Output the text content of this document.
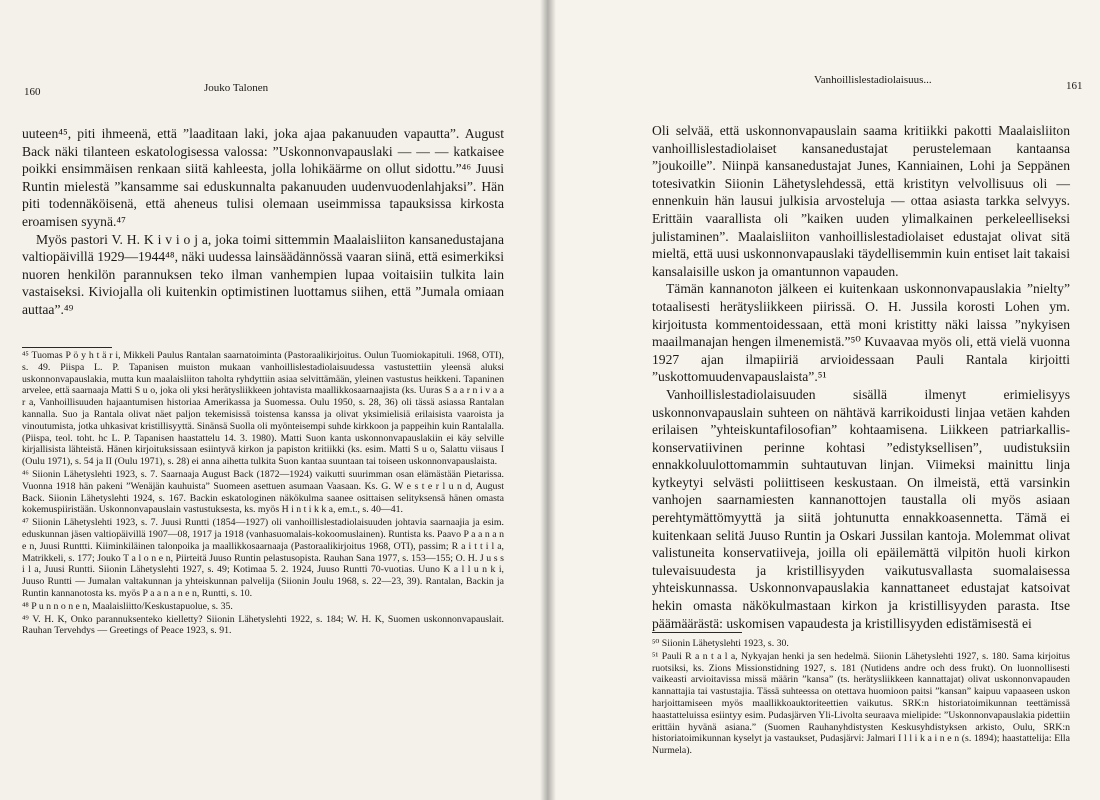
160	Jouko Talonen

uuteen⁴⁵, piti ihmeenä, että ”laaditaan laki, joka ajaa pakanuuden vapautta”. August Back näki tilanteen eskatologisessa valossa: ”Uskonnonvapauslaki — — — katkaisee poikki ensimmäisen renkaan siitä kahleesta, jolla lohikäärme on ollut sidottu.”⁴⁶ Juusi Runtin mielestä ”kansamme sai eduskunnalta pakanuuden uudenvuodenlahjaksi”. Hän piti todennäköisenä, että aheneus tulisi olemaan useimmissa tapauksissa kirkosta eroamisen syynä.⁴⁷

Myös pastori V. H. K i v i o j a, joka toimi sittemmin Maalaisliiton kansanedustajana valtiopäivillä 1929—1944⁴⁸, näki uudessa lainsäädännössä vaaran siinä, että esimerkiksi nuoren henkilön parannuksen teko ilman vanhempien lupaa voitaisiin tulkita lain vastaiseksi. Kiviojalla oli kuitenkin optimistinen luottamus siihen, että ”Jumala omiaan auttaa”.⁴⁹

⁴⁵ Tuomas P ö y h t ä r i, Mikkeli Paulus Rantalan saarnatoiminta (Pastoraalikirjoitus. Oulun Tuomiokapituli. 1968, OTI), s. 49. Piispa L. P. Tapanisen muiston mukaan vanhoillislestadiolaisuudessa vastustettiin yleensä aluksi uskonnonvapauslakia, mutta kun maalaisliiton taholta ryhdyttiin asiaa selvittämään, yleinen vastustus heikkeni. Tapaninen arvelee, että saarnaaja Matti S u o, joka oli yksi herätysliikkeen johtavista maallikkosaarnaajista (ks. Uuras S a a r n i v a a r a, Vanhoillisuuden hajaantumisen historiaa Amerikassa ja Suomessa. Oulu 1950, s. 28, 36) oli tässä asiassa Rantalan kannalla. Suo ja Rantala olivat näet paljon tekemisissä toistensa kanssa ja olivat yksimielisiä erilaisista vaaroista ja vinoutumista, jotka uhkasivat kristillisyyttä. Sinänsä Suolla oli myönteisempi suhde kirkkoon ja pappeihin kuin Rantalalla. (Piispa, teol. toht. hc L. P. Tapanisen haastattelu 14. 3. 1980). Matti Suon kanta uskonnonvapauslakiin ei käy selville kirjallisista lähteistä. Hänen kirjoituksissaan esiintyvä kirkon ja papiston kritiikki (ks. esim. Matti S u o, Salattu viisaus I (Oulu 1971), s. 54 ja II (Oulu 1971), s. 28) ei anna aihetta tulkita Suon kantaa suuntaan tai toiseen uskonnonvapauslaista.

⁴⁶ Siionin Lähetyslehti 1923, s. 7. Saarnaaja August Back (1872—1924) vaikutti suurimman osan elämästään Pietarissa. Vuonna 1918 hän pakeni ”Wenäjän kauhuista” Suomeen asettuen asumaan Vaasaan. Ks. G. W e s t e r l u n d, August Back. Siionin Lähetyslehti 1924, s. 167. Backin eskatologinen näkökulma saanee osittaisen selityksensä hänen omasta kokemuspiiristään. Uskonnonvapauslain vastustuksesta, ks. myös H i n t i k k a, em.t., s. 40—41.

⁴⁷ Siionin Lähetyslehti 1923, s. 7. Juusi Runtti (1854—1927) oli vanhoillislestadiolaisuuden johtavia saarnaajia ja esim. eduskunnan jäsen valtiopäivillä 1907—08, 1917 ja 1918 (vanhasuomalais-kokoomuslainen). Runtista ks. Paavo P a a n a n e n, Juusi Runttti. Kiiminkiläinen talonpoika ja maallikkosaarnaaja (Pastoraalikirjoitus 1968, OTI), passim; R a i t t i l a, Matrikkeli, s. 177; Jouko T a l o n e n, Piirteitä Juuso Runtin pelastusopista. Rauhan Sana 1977, s. 153—155; O. H. J u s s i l a, Juusi Runtti. Siionin Lähetyslehti 1927, s. 49; Kotimaa 5. 2. 1924, Juuso Runtti 70-vuotias. Uuno K a l l u n k i, Juuso Runtti — Jumalan valtakunnan ja yhteiskunnan palvelija (Siionin Joulu 1968, s. 22—23, 39). Rantalan, Backin ja Runtin kannanotosta ks. myös P a a n a n e n, Runtti, s. 10.

⁴⁸ P u n n o n e n, Maalaisliitto/Keskustapuolue, s. 35.

⁴⁹ V. H. K, Onko parannuksenteko kielletty? Siionin Lähetyslehti 1922, s. 184; W. H. K, Suomen uskonnonvapauslait. Rauhan Tervehdys — Greetings of Peace 1923, s. 91.

Vanhoillislestadiolaisuus...	161

Oli selvää, että uskonnonvapauslain saama kritiikki pakotti Maalaisliiton vanhoillislestadiolaiset kansanedustajat perustelemaan kantaansa ”joukoille”. Niinpä kansanedustajat Junes, Kanniainen, Lohi ja Seppänen totesivatkin Siionin Lähetyslehdessä, että kristityn velvollisuus oli — ennenkuin hän lausui julkisia arvosteluja — ottaa asiasta tarkka selvyys. Erittäin vaarallista oli ”kaiken uuden ylimalkainen perkeleelliseksi julistaminen”. Maalaisliiton vanhoillislestadiolaiset edustajat olivat sitä mieltä, että uusi uskonnonvapauslaki täydellisemmin kuin entiset lait takaisi kansalaisille uskon ja omantunnon vapauden.

Tämän kannanoton jälkeen ei kuitenkaan uskonnonvapauslakia ”nielty” totaalisesti herätysliikkeen piirissä. O. H. Jussila korosti Lohen ym. kirjoitusta kommentoidessaan, että moni kristitty näki laissa ”nykyisen maailmanajan hengen ilmenemistä.”⁵⁰ Kuvaavaa myös oli, että vielä vuonna 1927 ajan ilmapiiriä arvioidessaan Pauli Rantala kirjoitti ”uskottomuudenvapauslaista”.⁵¹

Vanhoillislestadiolaisuuden sisällä ilmenyt erimielisyys uskonnonvapauslain suhteen on nähtävä karrikoidusti linjaa vetäen kahden erilaisen ”yhteiskuntafilosofian” kohtaamisena. Liikkeen patriarkallis-konservatiivinen perinne kohtasi ”edistyksellisen”, uudistuksiin ennakkoluulottomammin suhtautuvan linjan. Viimeksi mainittu linja kytkeytyi selvästi poliittiseen keskustaan. On ilmeistä, että varsinkin vanhojen saarnamiesten kannanottojen taustalla oli myös asiaan perehtymättömyyttä ja siitä johtunutta ennakkoasennetta. Tämä ei kuitenkaan selitä Juuso Runtin ja Oskari Jussilan kantoja. Molemmat olivat valistuneita konservatiiveja, joilla oli epäilemättä vilpitön huoli kirkon tulevaisuudesta ja kristillisyyden vaikutusvallasta suomalaisessa yhteiskunnassa. Uskonnonvapauslakia kannattaneet edustajat katsoivat hekin omasta näkökulmastaan kirkon ja kristillisyyden parasta. Itse päämäärästä: uskomisen vapaudesta ja kristillisyyden edistämisestä ei

⁵⁰ Siionin Lähetyslehti 1923, s. 30.

⁵¹ Pauli R a n t a l a, Nykyajan henki ja sen hedelmä. Siionin Lähetyslehti 1927, s. 180. Sama kirjoitus ruotsiksi, ks. Zions Missionstidning 1927, s. 181 (Nutidens andre och dess frukt). On luonnollisesti vaikeasti arvioitavissa missä määrin ”kansa” (ts. herätysliikkeen kannattajat) olivat uskonnonvapauden kannattajia tai vastustajia. Tässä suhteessa on otettava huomioon paitsi ”kansan” kaipuu vapaaseen uskon harjoittamiseen myös maallikkoauktoriteettien vaikutus. SRK:n historiatoimikunnan teettämissä haastatteluissa esiintyy esim. Pudasjärven Yli-Livolta seuraava mielipide: ”Uskonnonvapauslakia pidettiin erittäin hyvänä asiana.” (Suomen Rauhanyhdistysten Keskusyhdistyksen arkisto, Oulu, SRK:n historiatoimikunnan kyselyt ja vastaukset, Pudasjärvi: Jalmari I l l i k a i n e n (s. 1894); haastattelija: Ella Nurmela).
